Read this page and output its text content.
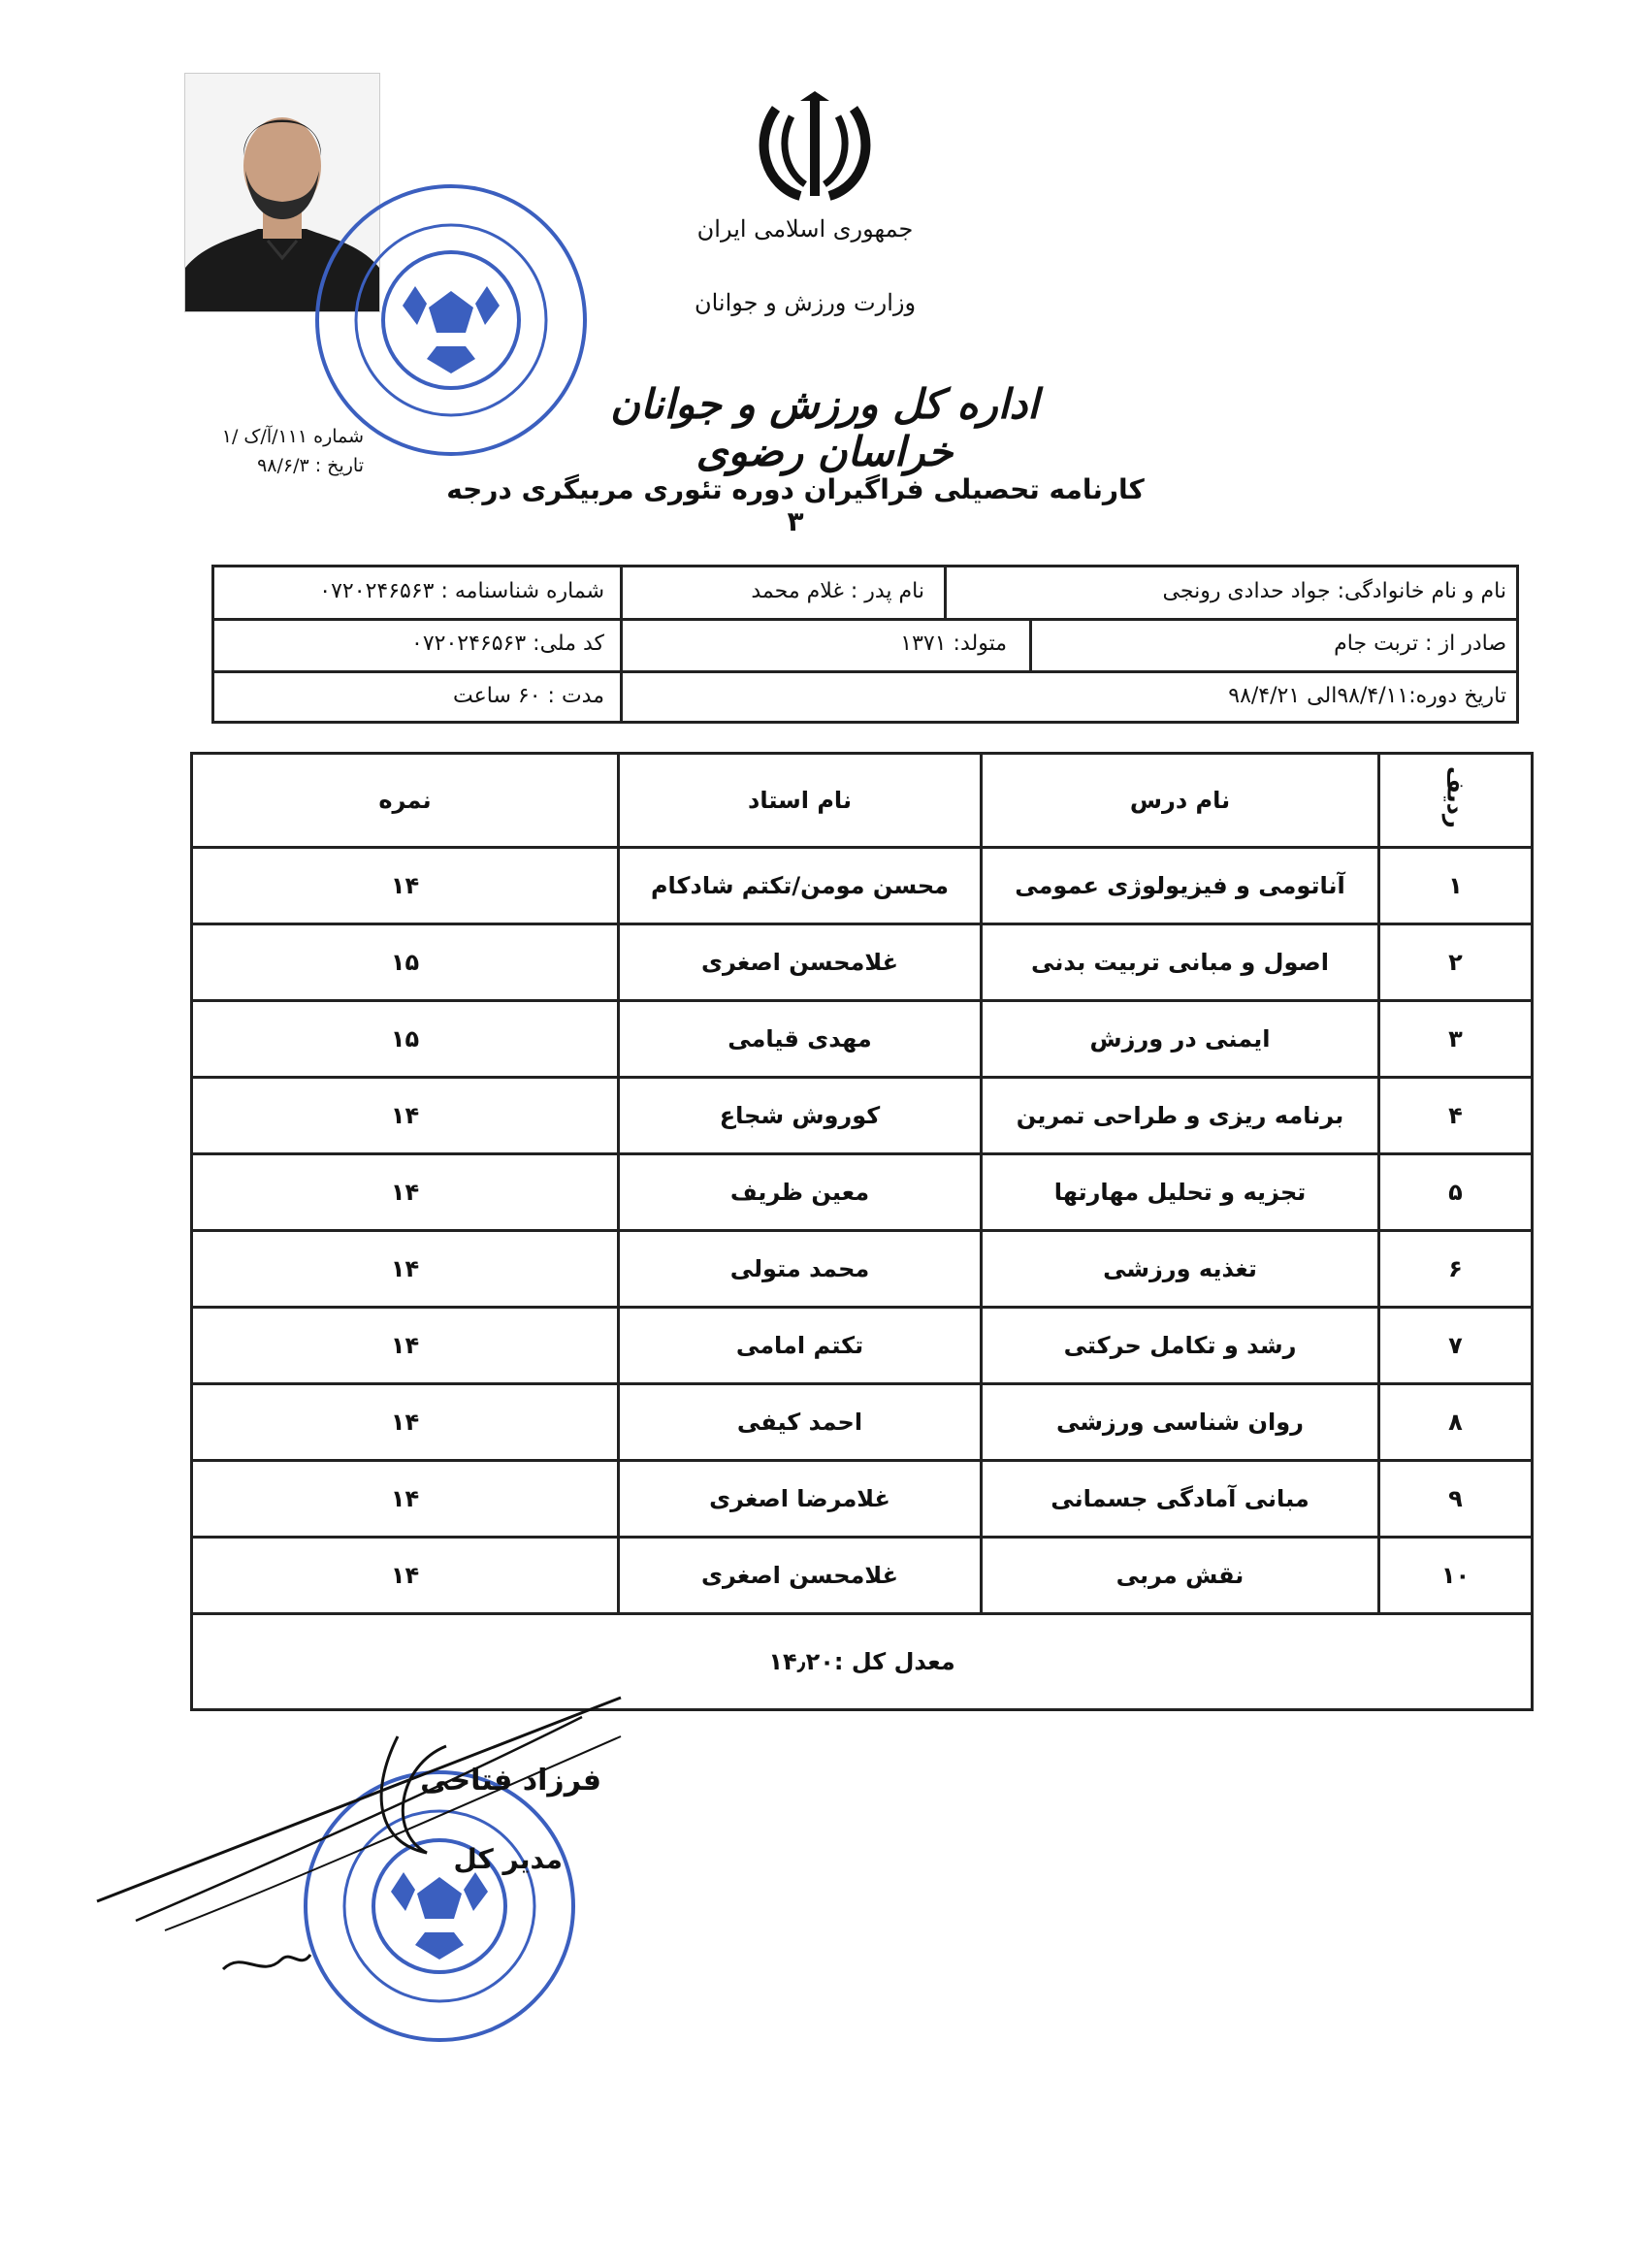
جمهوری اسلامی ایران
وزارت ورزش و جوانان
اداره کل ورزش و جوانان خراسان رضوی
کارنامه تحصیلی فراگیران دوره تئوری مربیگری درجه ۳
شماره ۱۱۱/آ/ک /۱
تاریخ : ۹۸/۶/۳
نام و نام خانوادگی: جواد حدادی رونجی
نام پدر : غلام محمد
شماره شناسنامه : ۰۷۲۰۲۴۶۵۶۳
صادر از : تربت جام
متولد: ۱۳۷۱
کد ملی: ۰۷۲۰۲۴۶۵۶۳
تاریخ دوره:۹۸/۴/۱۱الی ۹۸/۴/۲۱
مدت : ۶۰ ساعت
ردیف	نام درس	نام استاد	نمره
۱	آناتومی و فیزیولوژی عمومی	محسن مومن/تکتم شادکام	۱۴
۲	اصول و مبانی تربیت بدنی	غلامحسن اصغری	۱۵
۳	ایمنی در ورزش	مهدی قیامی	۱۵
۴	برنامه ریزی و طراحی تمرین	کوروش شجاع	۱۴
۵	تجزیه و تحلیل مهارتها	معین ظریف	۱۴
۶	تغذیه ورزشی	محمد متولی	۱۴
۷	رشد و تکامل حرکتی	تکتم امامی	۱۴
۸	روان شناسی ورزشی	احمد کیفی	۱۴
۹	مبانی آمادگی جسمانی	غلامرضا اصغری	۱۴
۱۰	نقش مربی	غلامحسن اصغری	۱۴
معدل کل :۱۴٫۲۰			
فرزاد فتاحی
مدیر کل
